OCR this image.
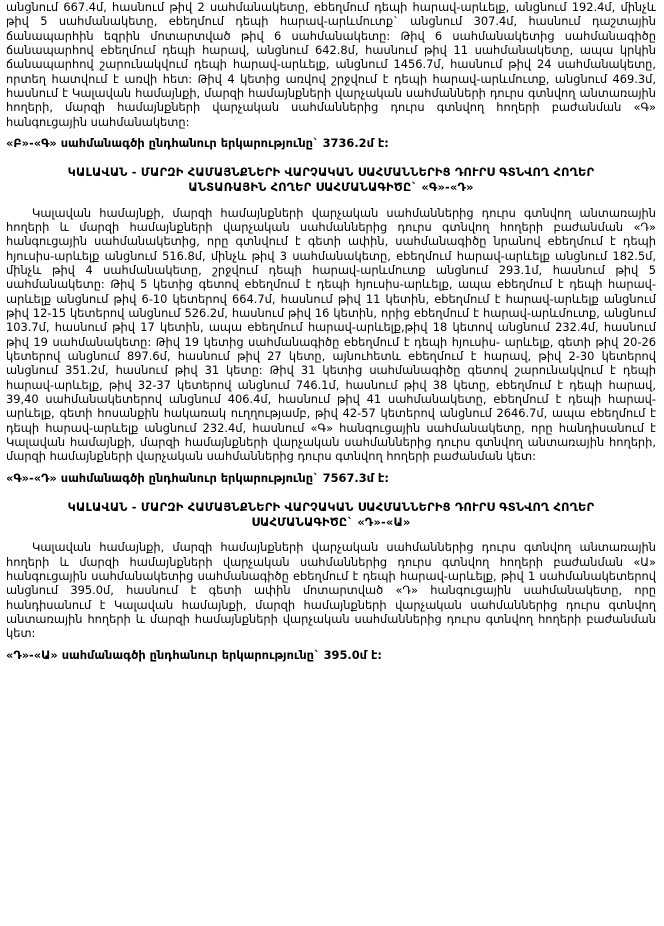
անցնում 667.4մ, հասնում թիվ 2 սահմանակետը, ebեղմում դեպի հարավ-արևելք, անցնում 192.4մ, մինչև թիվ 5 սահմանակետը, ebեղմում դեպի հարավ-արևմուտք` անցնում 307.4մ, հասնում դաշտային ճանապարհին եզրին մոտարտված թիվ 6 սահմանակետը: Թիվ 6 սահմանակետից սահմանագիծը ճանապարհով ebեղմում դեպի հարավ, անցնում 642.8մ, հասնում թիվ 11 սահմանակետը, ապա կրկին ճանապարհով շարունակվում դեպի հարավ-արևելք, անցնում 1456.7մ, հասնում թիվ 24 սահմանակետը, որտեղ հատվում է առվի հետ: Թիվ 4 կետից առվով շրջվում է դեպի հարավ-արևմուտք, անցնում 469.3մ, հասնում է Կալավան համայնքի, մարզի համայնքների վարչական սահմանների դուրս գտնվող անտառային հողերի, մարզի համայնքների վարչական սահմաններից դուրս գտնվող հողերի բաժանման «Գ» հանգուցային սահմանակետը:

«Բ»-«Գ» սահմանագծի ընդհանուր երկարությունը` 3736.2մ է:

ԿԱԼԱՎԱՆ - ՄԱՐԶԻ ՀԱՄԱՅՆՔՆԵՐԻ ՎԱՐՉԱԿԱՆ ՍԱՀՄԱՆՆԵՐԻՑ ԴՈՒՐՍ ԳՏՆՎՈՂ ՀՈՂԵՐ
ԱՆՏԱՌԱՅԻՆ ՀՈՂԵՐ ՍԱՀՄԱՆԱԳԻԾԸ` «Գ»-«Դ»

Կալավան համայնքի, մարզի համայնքների վարչական սահմաններից դուրս գտնվող անտառային հողերի և մարզի համայնքների վարչական սահմաններից դուրս գտնվող հողերի բաժանման «Դ» հանգուցային սահմանակետից, որը գտնվում է գետի ափին, սահմանագիծը նրանով ebեղմում է դեպի հյուսիս-արևելք անցնում 516.8մ, մինչև թիվ 3 սահմանակետը, ebեղմում հարավ-արևելք անցնում 182.5մ, մինչև թիվ 4 սահմանակետը, շրջվում դեպի հարավ-արևմուտք անցնում 293.1մ, հասնում թիվ 5 սահմանակետը: Թիվ 5 կետից գետով ebեղմում է դեպի հյուսիս-արևելք, ապա ebեղմում է դեպի հարավ-արևելք անցնում թիվ 6-10 կետերով 664.7մ, հասնում թիվ 11 կետին, ebեղմում է հարավ-արևելք անցնում թիվ 12-15 կետերով անցնում 526.2մ, հասնում թիվ 16 կետին, որից ebեղմում է հարավ-արևմուտք, անցնում 103.7մ, հասնում թիվ 17 կետին, ապա ebեղմում հարավ-արևելք,թիվ 18 կետով անցնում 232.4մ, հասնում թիվ 19 սահմանակետը: Թիվ 19 կետից սահմանագիծը ebեղմում է դեպի հյուսիս- արևելք, գետի թիվ 20-26 կետերով անցնում 897.6մ, հասնում թիվ 27 կետը, այնուհետև ebեղմում է հարավ, թիվ 2-30 կետերով անցնում 351.2մ, հասնում թիվ 31 կետը: Թիվ 31 կետից սահմանագիծը գետով շարունակվում է դեպի հարավ-արևելք, թիվ 32-37 կետերով անցնում 746.1մ, հասնում թիվ 38 կետը, ebեղմում է դեպի հարավ, 39,40 սահմանակետերով անցնում 406.4մ, հասնում թիվ 41 սահմանակետը, ebեղմում է դեպի հարավ-արևելք, գետի հոսանքին հակառակ ուղղությամբ, թիվ 42-57 կետերով անցնում 2646.7մ, ապա ebեղմում է դեպի հարավ-արևելք անցնում 232.4մ, հասնում «Գ» հանգուցային սահմանակետը, որը հանդիսանում է Կալավան համայնքի, մարզի համայնքների վարչական սահմաններից դուրս գտնվող անտառային հողերի, մարզի համայնքների վարչական սահմաններից դուրս գտնվող հողերի բաժանման կետ:

«Գ»-«Դ» սահմանագծի ընդհանուր երկարությունը` 7567.3մ է:

ԿԱԼԱՎԱՆ - ՄԱՐԶԻ ՀԱՄԱՅՆՔՆԵՐԻ ՎԱՐՉԱԿԱՆ ՍԱՀՄԱՆՆԵՐԻՑ ԴՈՒՐՍ ԳՏՆՎՈՂ ՀՈՂԵՐ
ՍԱՀՄԱՆԱԳԻԾԸ` «Դ»-«Ա»

Կալավան համայնքի, մարզի համայնքների վարչական սահմաններից դուրս գտնվող անտառային հողերի և մարզի համայնքների վարչական սահմաններից դուրս գտնվող հողերի բաժանման «Ա» հանգուցային սահմանակետից սահմանագիծը ebեղմում է դեպի հարավ-արևելք, թիվ 1 սահմանակետերով անցնում 395.0մ, հասնում է գետի ափին մոտարտված «Դ» հանգուցային սահմանակետը, որը հանդիսանում է Կալավան համայնքի, մարզի համայնքների վարչական սահմաններից դուրս գտնվող անտառային հողերի և մարզի համայնքների վարչական սահմաններից դուրս գտնվող հողերի բաժանման կետ:

«Դ»-«Ա» սահմանագծի ընդհանուր երկարությունը` 395.0մ է:
